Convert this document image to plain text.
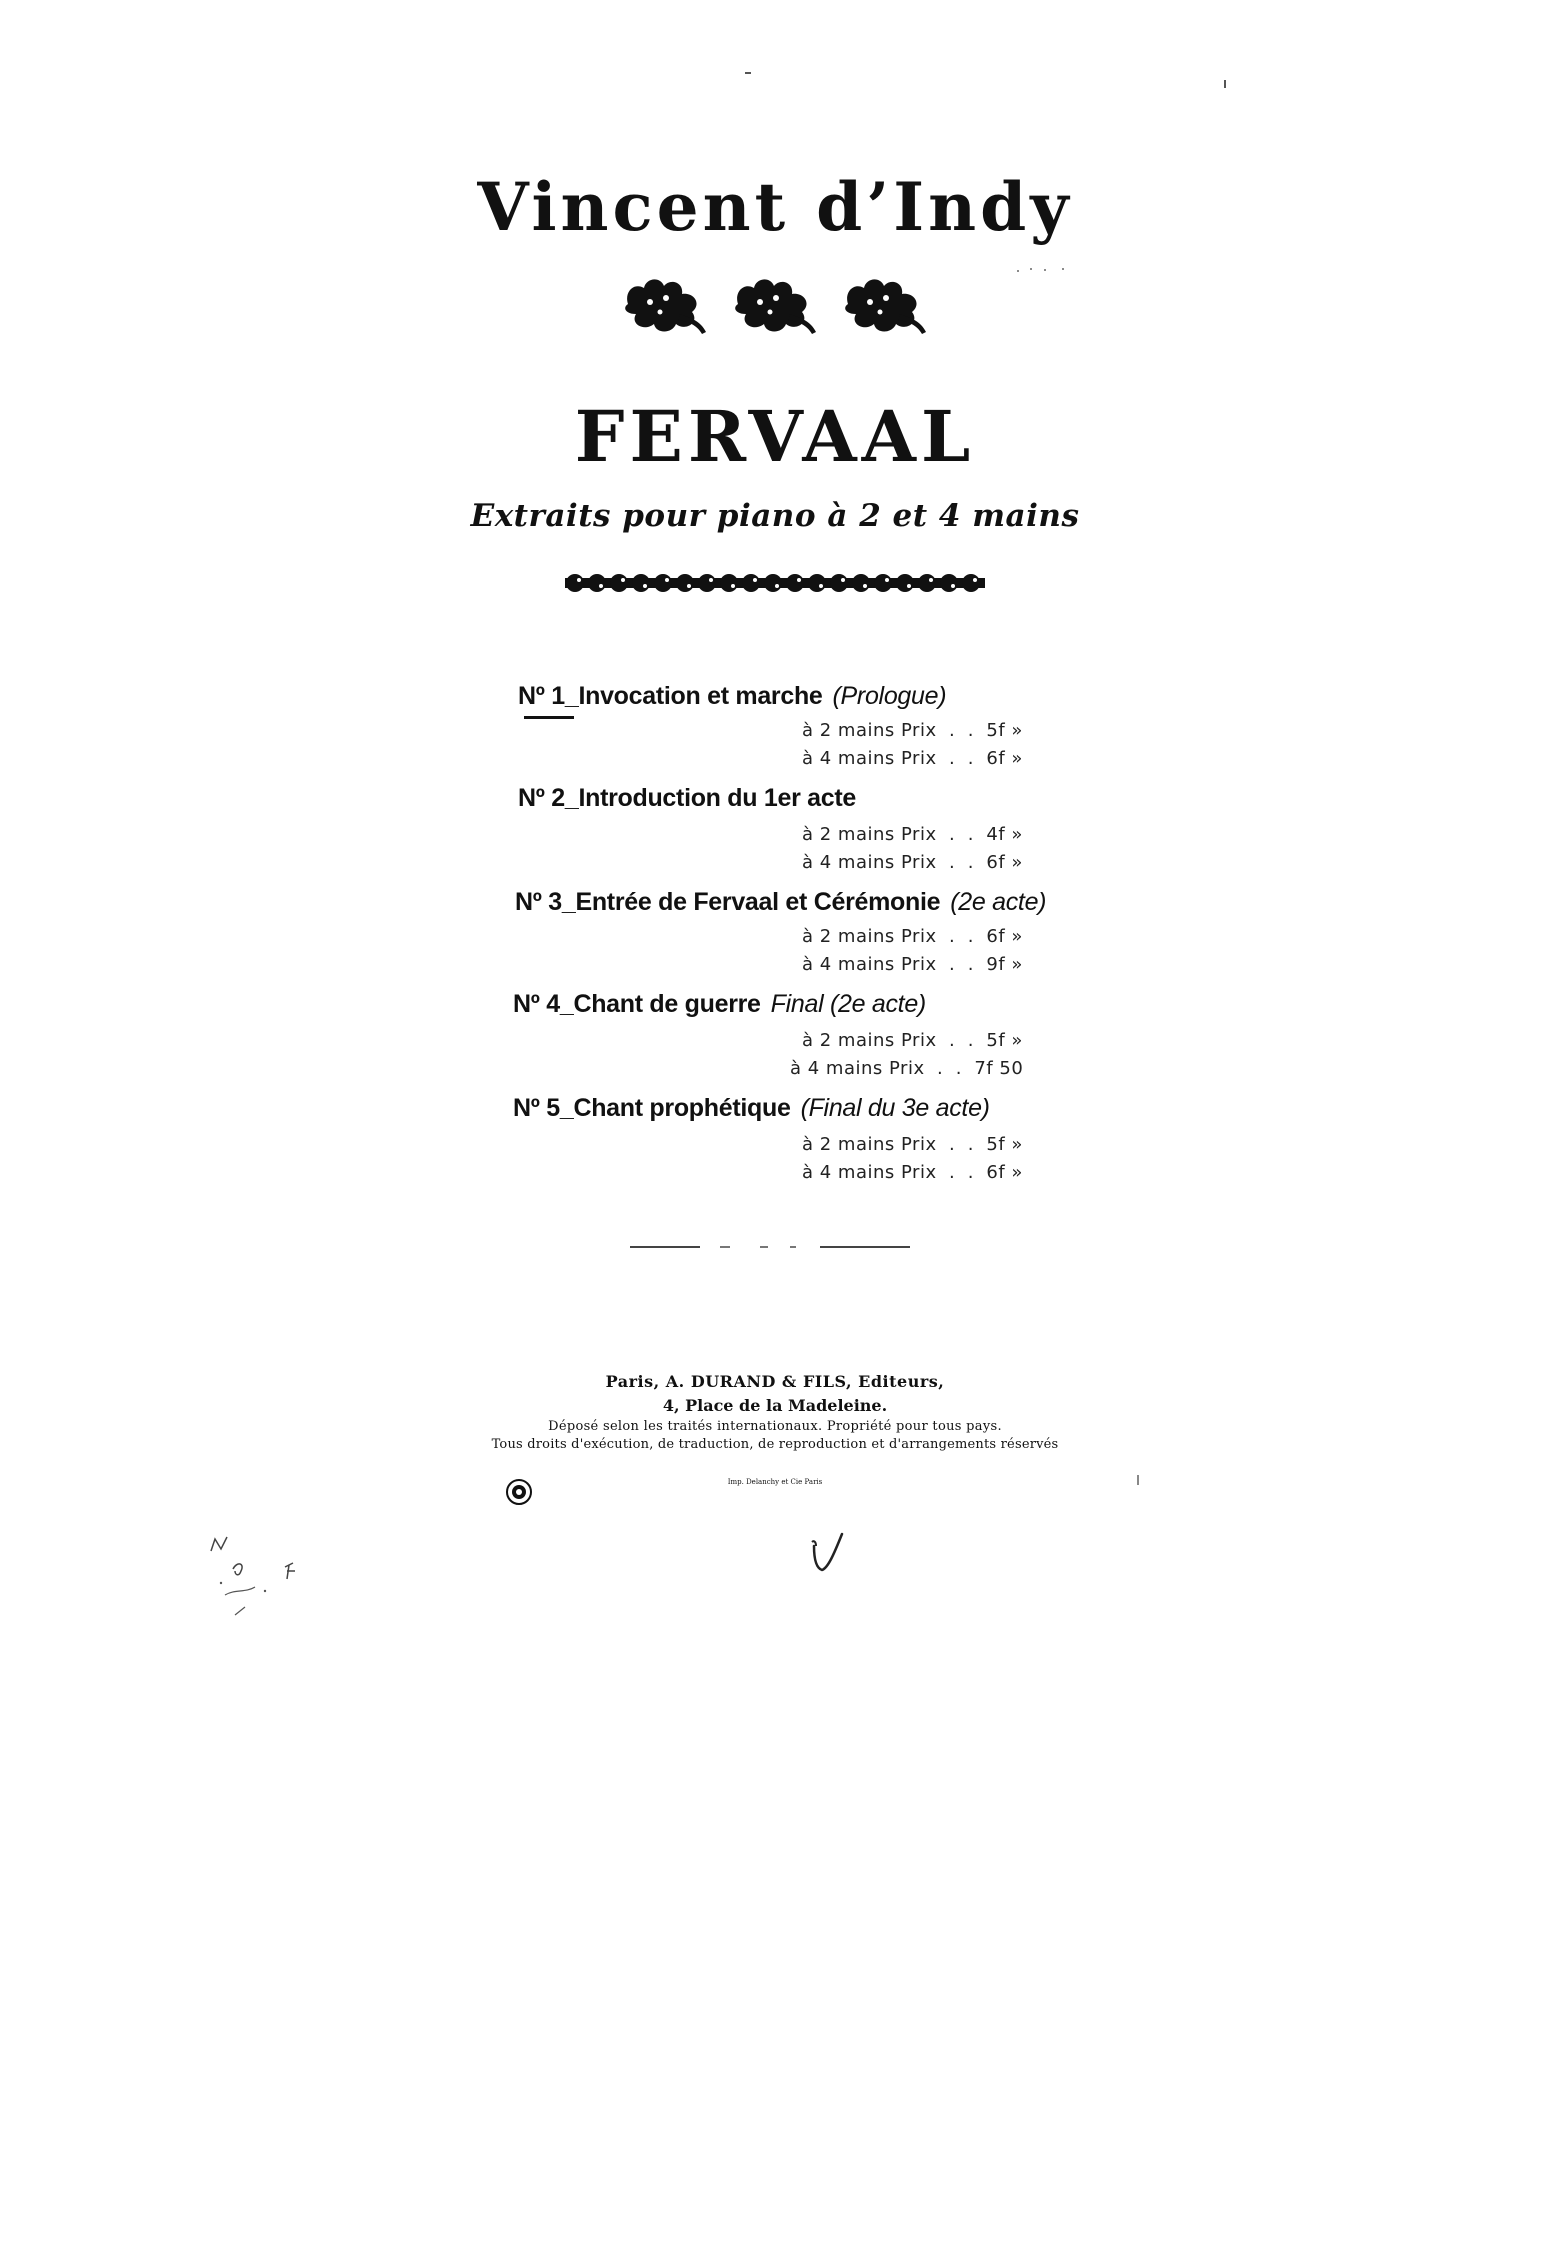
Vincent d’Indy
FERVAAL
Extraits pour piano à 2 et 4 mains
Nº 1_Invocation et marche (Prologue)
à 2 mains Prix  .  . 5f »
à 4 mains Prix  .  . 6f »
Nº 2_Introduction du 1er acte
à 2 mains Prix  .  . 4f »
à 4 mains Prix  .  . 6f »
Nº 3_Entrée de Fervaal et Cérémonie (2e acte)
à 2 mains Prix  .  . 6f »
à 4 mains Prix  .  . 9f »
Nº 4_Chant de guerre Final (2e acte)
à 2 mains Prix  .  . 5f »
à 4 mains Prix  .  . 7f 50
Nº 5_Chant prophétique (Final du 3e acte)
à 2 mains Prix  .  . 5f »
à 4 mains Prix  .  . 6f »
Paris, A. DURAND & FILS, Editeurs,
4, Place de la Madeleine.
Déposé selon les traités internationaux. Propriété pour tous pays.
Tous droits d'exécution, de traduction, de reproduction et d'arrangements réservés
Imp. Delanchy et Cie Paris
